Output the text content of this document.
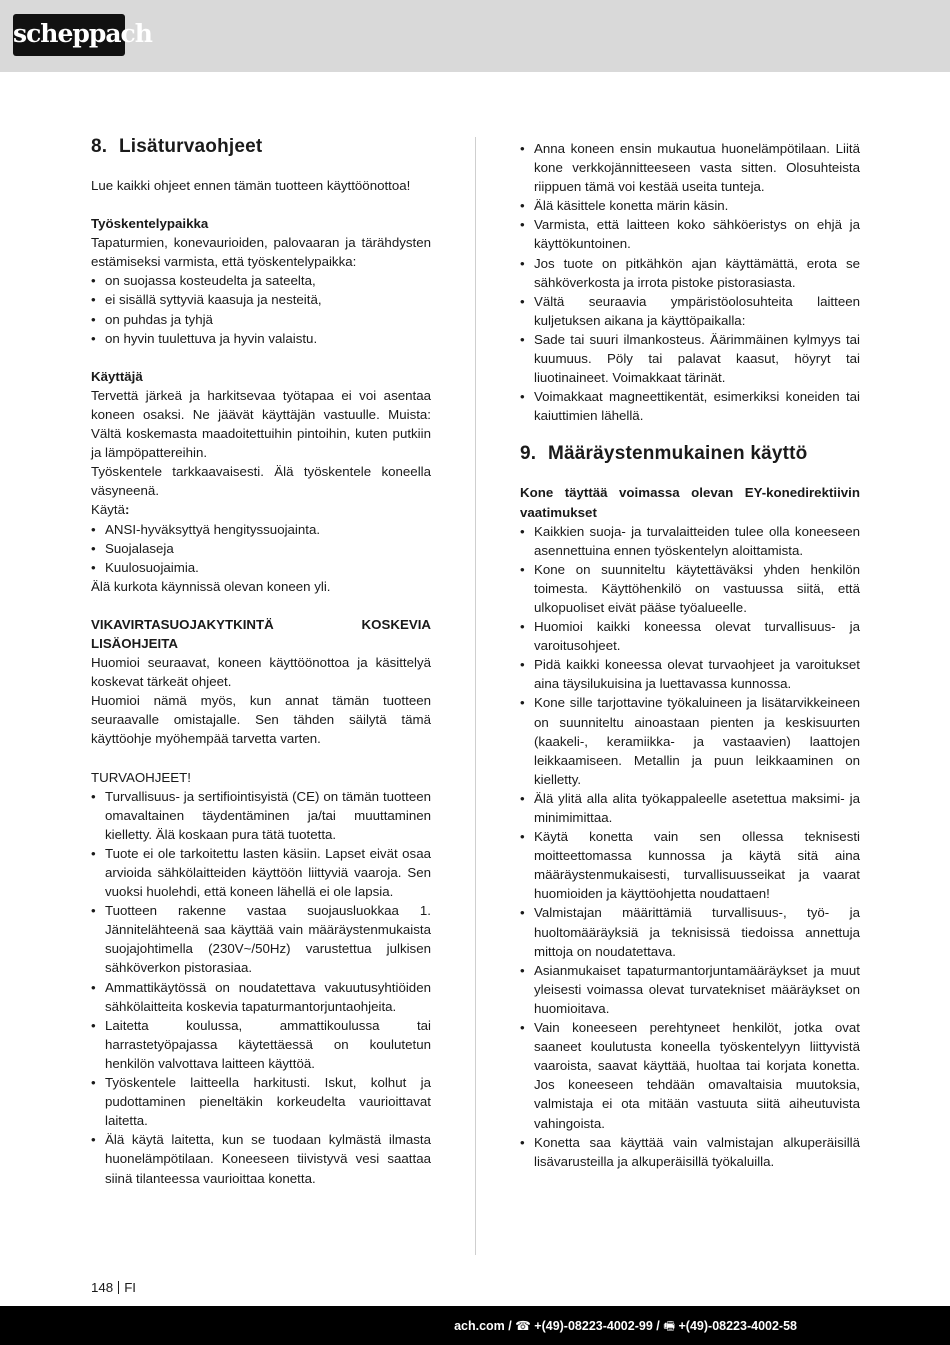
scheppach
8. Lisäturvaohjeet

Lue kaikki ohjeet ennen tämän tuotteen käyttöönottoa!

Työskentelypaikka

Tapaturmien, konevaurioiden, palovaaran ja tärähdysten estämiseksi varmista, että työskentelypaikka:

• on suojassa kosteudelta ja sateelta,
• ei sisällä syttyviä kaasuja ja nesteitä,
• on puhdas ja tyhjä
• on hyvin tuulettuva ja hyvin valaistu.

Käyttäjä

Tervettä järkeä ja harkitsevaa työtapaa ei voi asentaa koneen osaksi. Ne jäävät käyttäjän vastuulle. Muista: Vältä koskemasta maadoitettuihin pintoihin, kuten putkiin ja lämpöpattereihin.

Työskentele tarkkaavaisesti. Älä työskentele koneella väsyneenä.

Käytä:

• ANSI-hyväksyttyä hengityssuojainta.
• Suojalaseja
• Kuulosuojaimia.

Älä kurkota käynnissä olevan koneen yli.

VIKAVIRTASUOJAKYTKINTÄ KOSKEVIA LISÄOHJEITA

Huomioi seuraavat, koneen käyttöönottoa ja käsittelyä koskevat tärkeät ohjeet.

Huomioi nämä myös, kun annat tämän tuotteen seuraavalle omistajalle. Sen tähden säilytä tämä käyttöohje myöhempää tarvetta varten.

TURVAOHJEET!

• Turvallisuus- ja sertifiointisyistä (CE) on tämän tuotteen omavaltainen täydentäminen ja/tai muuttaminen kielletty. Älä koskaan pura tätä tuotetta.
• Tuote ei ole tarkoitettu lasten käsiin. Lapset eivät osaa arvioida sähkölaitteiden käyttöön liittyviä vaaroja. Sen vuoksi huolehdi, että koneen lähellä ei ole lapsia.
• Tuotteen rakenne vastaa suojausluokkaa 1. Jännitelähteenä saa käyttää vain määräystenmukaista suojajohtimella (230V~/50Hz) varustettua julkisen sähköverkon pistorasiaa.
• Ammattikäytössä on noudatettava vakuutusyhtiöiden sähkölaitteita koskevia tapaturmantorjuntaohjeita.
• Laitetta koulussa, ammattikoulussa tai harrastetyöpajassa käytettäessä on koulutetun henkilön valvottava laitteen käyttöä.
• Työskentele laitteella harkitusti. Iskut, kolhut ja pudottaminen pieneltäkin korkeudelta vaurioittavat laitetta.
• Älä käytä laitetta, kun se tuodaan kylmästä ilmasta huonelämpötilaan. Koneeseen tiivistyvä vesi saattaa siinä tilanteessa vaurioittaa konetta.
• Anna koneen ensin mukautua huonelämpötilaan. Liitä kone verkkojännitteeseen vasta sitten. Olosuhteista riippuen tämä voi kestää useita tunteja.
• Älä käsittele konetta märin käsin.
• Varmista, että laitteen koko sähköeristys on ehjä ja käyttökuntoinen.
• Jos tuote on pitkähkön ajan käyttämättä, erota se sähköverkosta ja irrota pistoke pistorasiasta.
• Vältä seuraavia ympäristöolosuhteita laitteen kuljetuksen aikana ja käyttöpaikalla:
• Sade tai suuri ilmankosteus. Äärimmäinen kylmyys tai kuumuus. Pöly tai palavat kaasut, höyryt tai liuotinaineet. Voimakkaat tärinät.
• Voimakkaat magneettikentät, esimerkiksi koneiden tai kaiuttimien lähellä.
9. Määräystenmukainen käyttö

Kone täyttää voimassa olevan EY-konedirektiivin vaatimukset

• Kaikkien suoja- ja turvalaitteiden tulee olla koneeseen asennettuina ennen työskentelyn aloittamista.
• Kone on suunniteltu käytettäväksi yhden henkilön toimesta. Käyttöhenkilö on vastuussa siitä, että ulkopuoliset eivät pääse työalueelle.
• Huomioi kaikki koneessa olevat turvallisuus- ja varoitusohjeet.
• Pidä kaikki koneessa olevat turvaohjeet ja varoitukset aina täysilukuisina ja luettavassa kunnossa.
• Kone sille tarjottavine työkaluineen ja lisätarvikkeineen on suunniteltu ainoastaan pienten ja keskisuurten (kaakeli-, keramiikka- ja vastaavien) laattojen leikkaamiseen. Metallin ja puun leikkaaminen on kielletty.
• Älä ylitä alla alita työkappaleelle asetettua maksimi- ja minimimittaa.
• Käytä konetta vain sen ollessa teknisesti moitteettomassa kunnossa ja käytä sitä aina määräystenmukaisesti, turvallisuusseikat ja vaarat huomioiden ja käyttöohjetta noudattaen!
• Valmistajan määrittämiä turvallisuus-, työ- ja huoltomääräyksiä ja teknisissä tiedoissa annettuja mittoja on noudatettava.
• Asianmukaiset tapaturmantorjuntamääräykset ja muut yleisesti voimassa olevat turvatekniset määräykset on huomioitava.
• Vain koneeseen perehtyneet henkilöt, jotka ovat saaneet koulutusta koneella työskentelyyn liittyvistä vaaroista, saavat käyttää, huoltaa tai korjata konetta. Jos koneeseen tehdään omavaltaisia muutoksia, valmistaja ei ota mitään vastuuta siitä aiheutuvista vahingoista.
• Konetta saa käyttää vain valmistajan alkuperäisillä lisävarusteilla ja alkuperäisillä työkaluilla.
148 FI
ach.com / ☎ +(49)-08223-4002-99 / 🖷 +(49)-08223-4002-58
